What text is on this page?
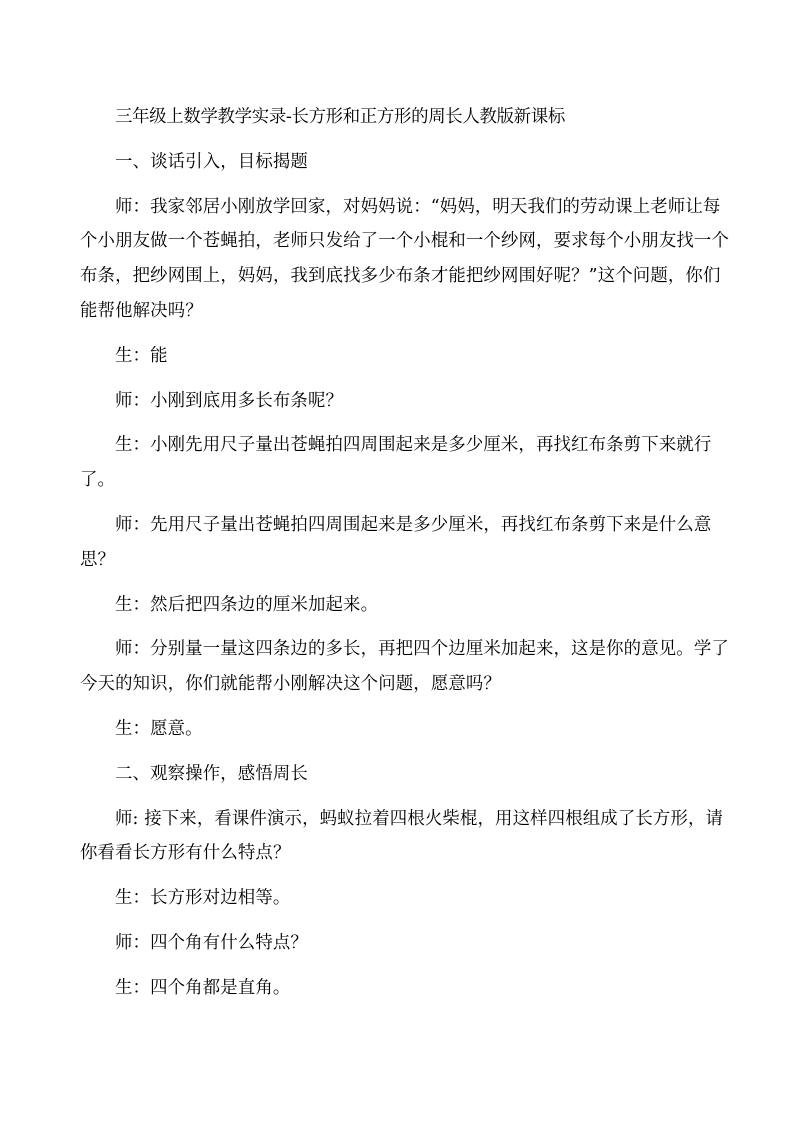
三年级上数学教学实录-长方形和正方形的周长人教版新课标

一、谈话引入，目标揭题

师：我家邻居小刚放学回家，对妈妈说：“妈妈，明天我们的劳动课上老师让每个小朋友做一个苍蝇拍，老师只发给了一个小棍和一个纱网，要求每个小朋友找一个布条，把纱网围上，妈妈，我到底找多少布条才能把纱网围好呢？”这个问题，你们能帮他解决吗？

生：能

师：小刚到底用多长布条呢？

生：小刚先用尺子量出苍蝇拍四周围起来是多少厘米，再找红布条剪下来就行了。

师：先用尺子量出苍蝇拍四周围起来是多少厘米，再找红布条剪下来是什么意思？

生：然后把四条边的厘米加起来。

师：分别量一量这四条边的多长，再把四个边厘米加起来，这是你的意见。学了今天的知识，你们就能帮小刚解决这个问题，愿意吗？

生：愿意。

二、观察操作，感悟周长

师: 接下来，看课件演示，蚂蚁拉着四根火柴棍，用这样四根组成了长方形，请你看看长方形有什么特点？

生：长方形对边相等。

师：四个角有什么特点？

生：四个角都是直角。
